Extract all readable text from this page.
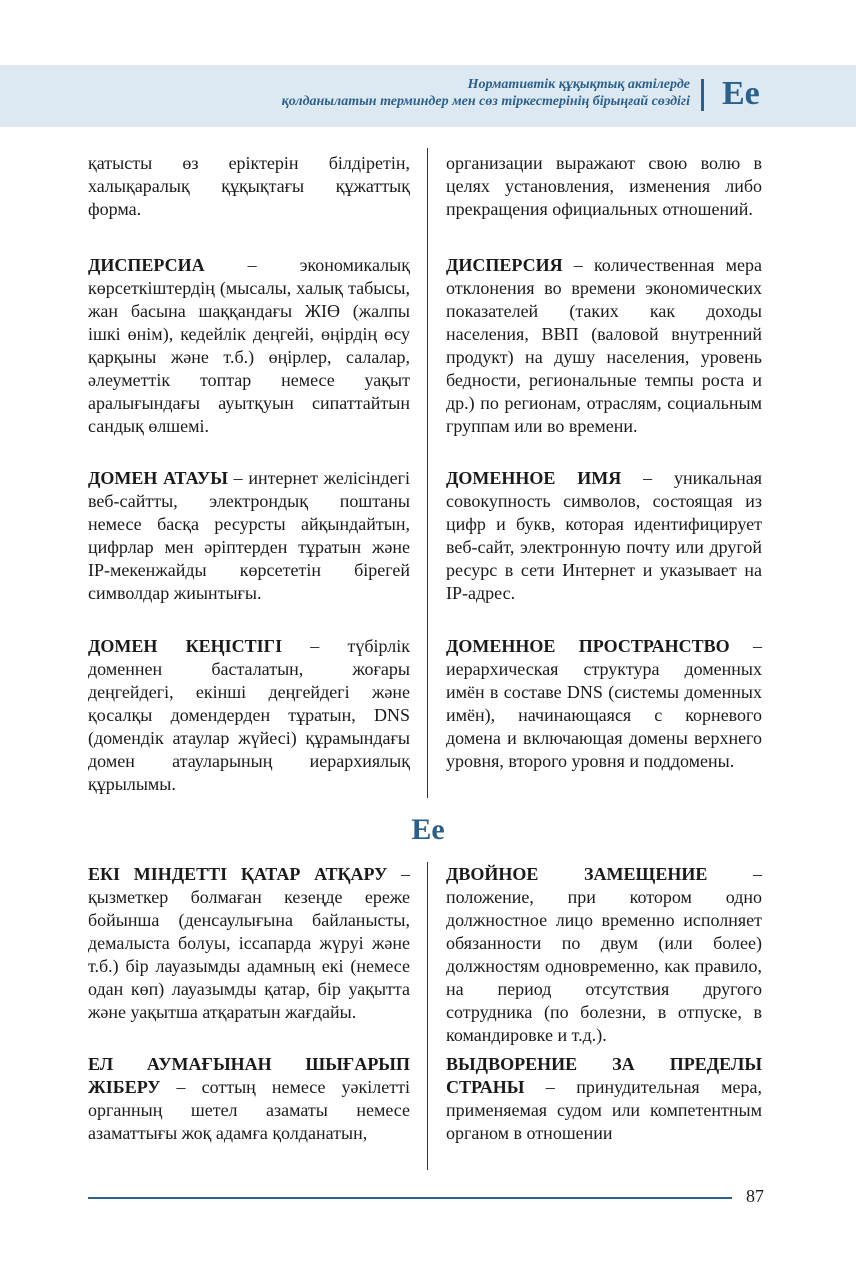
Нормативтік құқықтық актілерде
қолданылатын терминдер мен сөз тіркестерінің бірыңғай сөздігі Ee

қатысты өз еріктерін білдіретін, халықаралық құқықтағы құжаттық форма.

организации выражают свою волю в целях установления, изменения либо прекращения официальных отношений.

ДИСПЕРСИА – экономикалық көрсеткіштердің (мысалы, халық табысы, жан басына шаққандағы ЖІӨ (жалпы ішкі өнім), кедейлік деңгейі, өңірдің өсу қарқыны және т.б.) өңірлер, салалар, әлеуметтік топтар немесе уақыт аралығындағы ауытқуын сипаттайтын сандық өлшемі.

ДИСПЕРСИЯ – количественная мера отклонения во времени экономических показателей (таких как доходы населения, ВВП (валовой внутренний продукт) на душу населения, уровень бедности, региональные темпы роста и др.) по регионам, отраслям, социальным группам или во времени.

ДОМЕН АТАУЫ – интернет желісіндегі веб-сайтты, электрондық поштаны немесе басқа ресурсты айқындайтын, цифрлар мен әріптерден тұратын және IP-мекенжайды көрсететін бірегей символдар жиынтығы.

ДОМЕННОЕ ИМЯ – уникальная совокупность символов, состоящая из цифр и букв, которая идентифицирует веб-сайт, электронную почту или другой ресурс в сети Интернет и указывает на IP-адрес.

ДОМЕН КЕҢІСТІГІ – түбірлік доменнен басталатын, жоғары деңгейдегі, екінші деңгейдегі және қосалқы домендерден тұратын, DNS (домендік атаулар жүйесі) құрамындағы домен атауларының иерархиялық құрылымы.

ДОМЕННОЕ ПРОСТРАНСТВО – иерархическая структура доменных имён в составе DNS (системы доменных имён), начинающаяся с корневого домена и включающая домены верхнего уровня, второго уровня и поддомены.

Ee

ЕКІ МІНДЕТТІ ҚАТАР АТҚАРУ – қызметкер болмаған кезеңде ереже бойынша (денсаулығына байланысты, демалыста болуы, іссапарда жүруі және т.б.) бір лауазымды адамның екі (немесе одан көп) лауазымды қатар, бір уақытта және уақытша атқаратын жағдайы.

ДВОЙНОЕ ЗАМЕЩЕНИЕ – положение, при котором одно должностное лицо временно исполняет обязанности по двум (или более) должностям одновременно, как правило, на период отсутствия другого сотрудника (по болезни, в отпуске, в командировке и т.д.).

ЕЛ АУМАҒЫНАН ШЫҒАРЫП ЖІБЕРУ – соттың немесе уәкілетті органның шетел азаматы немесе азаматтығы жоқ адамға қолданатын,

ВЫДВОРЕНИЕ ЗА ПРЕДЕЛЫ СТРАНЫ – принудительная мера, применяемая судом или компетентным органом в отношении

87
